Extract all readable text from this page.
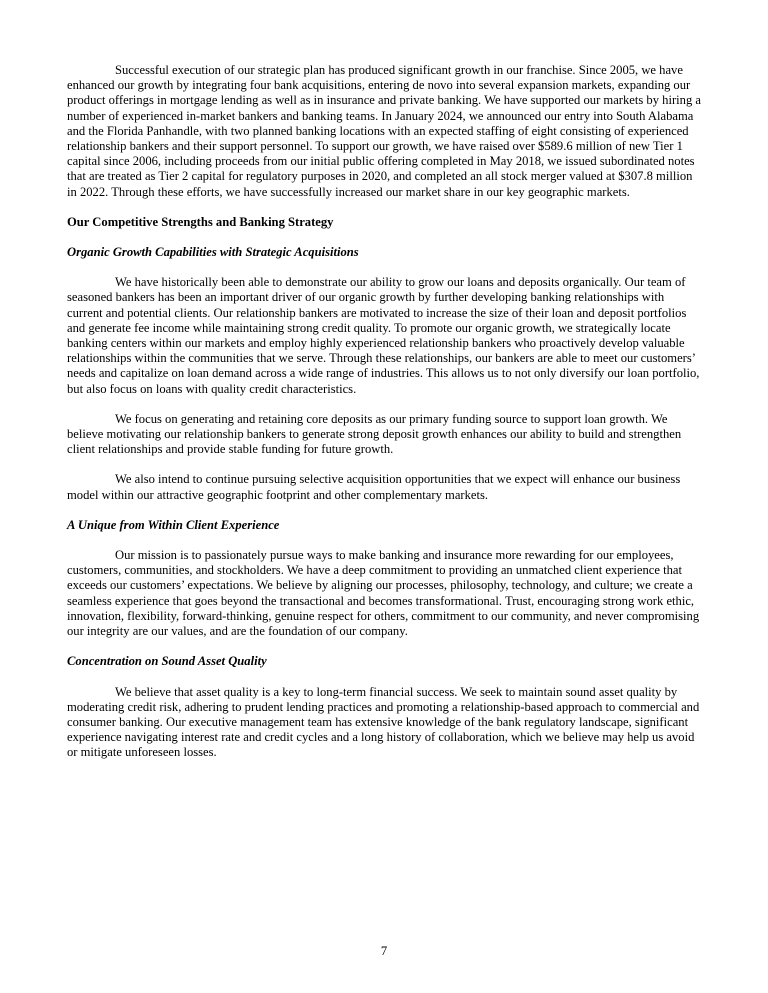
Successful execution of our strategic plan has produced significant growth in our franchise. Since 2005, we have enhanced our growth by integrating four bank acquisitions, entering de novo into several expansion markets, expanding our product offerings in mortgage lending as well as in insurance and private banking. We have supported our markets by hiring a number of experienced in-market bankers and banking teams. In January 2024, we announced our entry into South Alabama and the Florida Panhandle, with two planned banking locations with an expected staffing of eight consisting of experienced relationship bankers and their support personnel. To support our growth, we have raised over $589.6 million of new Tier 1 capital since 2006, including proceeds from our initial public offering completed in May 2018, we issued subordinated notes that are treated as Tier 2 capital for regulatory purposes in 2020, and completed an all stock merger valued at $307.8 million in 2022. Through these efforts, we have successfully increased our market share in our key geographic markets.

Our Competitive Strengths and Banking Strategy

Organic Growth Capabilities with Strategic Acquisitions

We have historically been able to demonstrate our ability to grow our loans and deposits organically. Our team of seasoned bankers has been an important driver of our organic growth by further developing banking relationships with current and potential clients. Our relationship bankers are motivated to increase the size of their loan and deposit portfolios and generate fee income while maintaining strong credit quality. To promote our organic growth, we strategically locate banking centers within our markets and employ highly experienced relationship bankers who proactively develop valuable relationships within the communities that we serve. Through these relationships, our bankers are able to meet our customers’ needs and capitalize on loan demand across a wide range of industries. This allows us to not only diversify our loan portfolio, but also focus on loans with quality credit characteristics.

We focus on generating and retaining core deposits as our primary funding source to support loan growth. We believe motivating our relationship bankers to generate strong deposit growth enhances our ability to build and strengthen client relationships and provide stable funding for future growth.

We also intend to continue pursuing selective acquisition opportunities that we expect will enhance our business model within our attractive geographic footprint and other complementary markets.

A Unique from Within Client Experience

Our mission is to passionately pursue ways to make banking and insurance more rewarding for our employees, customers, communities, and stockholders. We have a deep commitment to providing an unmatched client experience that exceeds our customers’ expectations. We believe by aligning our processes, philosophy, technology, and culture; we create a seamless experience that goes beyond the transactional and becomes transformational. Trust, encouraging strong work ethic, innovation, flexibility, forward-thinking, genuine respect for others, commitment to our community, and never compromising our integrity are our values, and are the foundation of our company.

Concentration on Sound Asset Quality

We believe that asset quality is a key to long-term financial success. We seek to maintain sound asset quality by moderating credit risk, adhering to prudent lending practices and promoting a relationship-based approach to commercial and consumer banking. Our executive management team has extensive knowledge of the bank regulatory landscape, significant experience navigating interest rate and credit cycles and a long history of collaboration, which we believe may help us avoid or mitigate unforeseen losses.

7
